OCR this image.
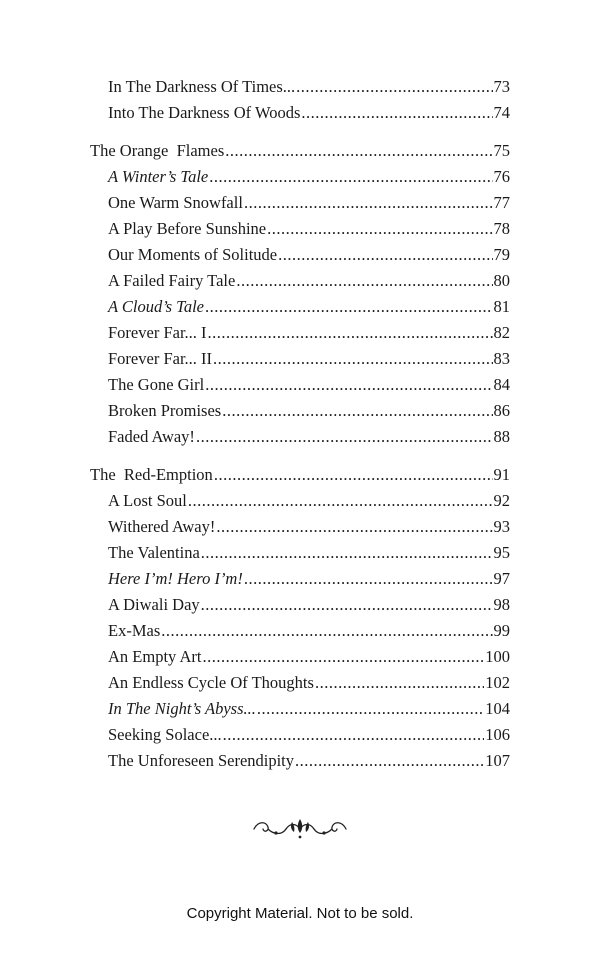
In The Darkness Of Times... .....	73
Into The Darkness Of Woods .....	74
The Orange  Flames .....	75
A Winter’s Tale .....	76
One Warm Snowfall .....	77
A Play Before Sunshine .....	78
Our Moments of Solitude .....	79
A Failed Fairy Tale .....	80
A Cloud’s Tale .....	81
Forever Far... I .....	82
Forever Far... II .....	83
The Gone Girl .....	84
Broken Promises .....	86
Faded Away! .....	88
The  Red-Emption .....	91
A Lost Soul .....	92
Withered Away! .....	93
The Valentina .....	95
Here I’m! Hero I’m! .....	97
A Diwali Day .....	98
Ex-Mas .....	99
An Empty Art .....	100
An Endless Cycle Of Thoughts .....	102
In The Night’s Abyss... .....	104
Seeking Solace... .....	106
The Unforeseen Serendipity .....	107
Copyright Material. Not to be sold.
